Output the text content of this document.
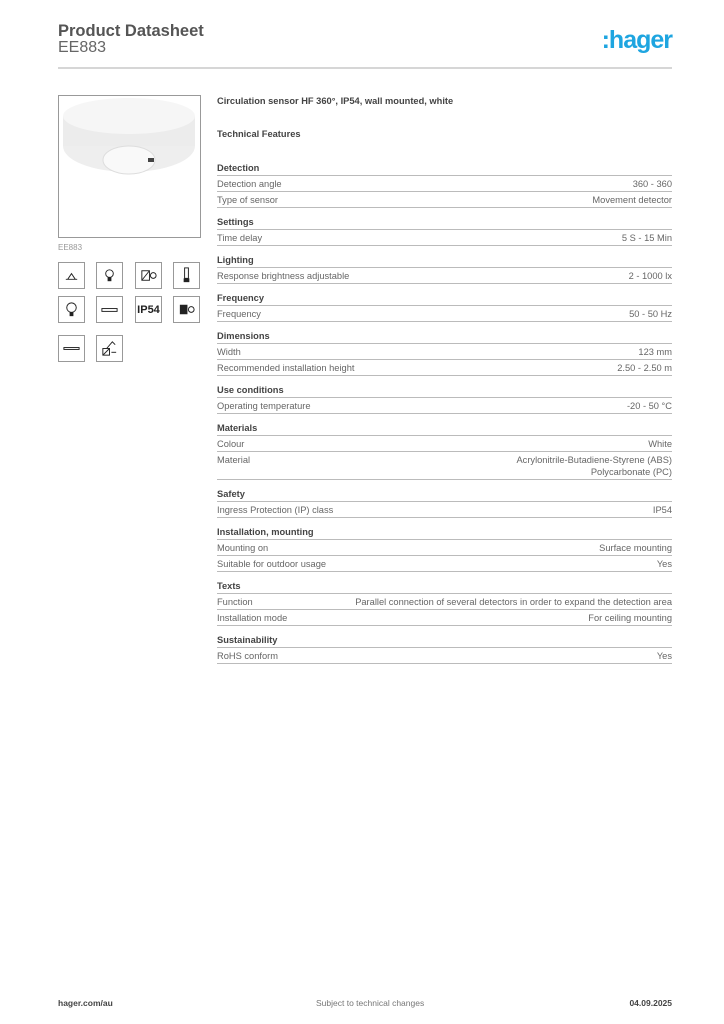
Product Datasheet
EE883	:hager
EE883
IP54
Circulation sensor HF 360°, IP54, wall mounted, white
Technical Features
Detection
Detection angle	360 - 360
Type of sensor	Movement detector
Settings
Time delay	5 S - 15 Min
Lighting
Response brightness adjustable	2 - 1000 lx
Frequency
Frequency	50 - 50 Hz
Dimensions
Width	123 mm
Recommended installation height	2.50 - 2.50 m
Use conditions
Operating temperature	-20 - 50 °C
Materials
Colour	White
Material	Acrylonitrile-Butadiene-Styrene (ABS)
Polycarbonate (PC)
Safety
Ingress Protection (IP) class	IP54
Installation, mounting
Mounting on	Surface mounting
Suitable for outdoor usage	Yes
Texts
Function	Parallel connection of several detectors in order to expand the detection area
Installation mode	For ceiling mounting
Sustainability
RoHS conform	Yes
hager.com/au	Subject to technical changes	04.09.2025
